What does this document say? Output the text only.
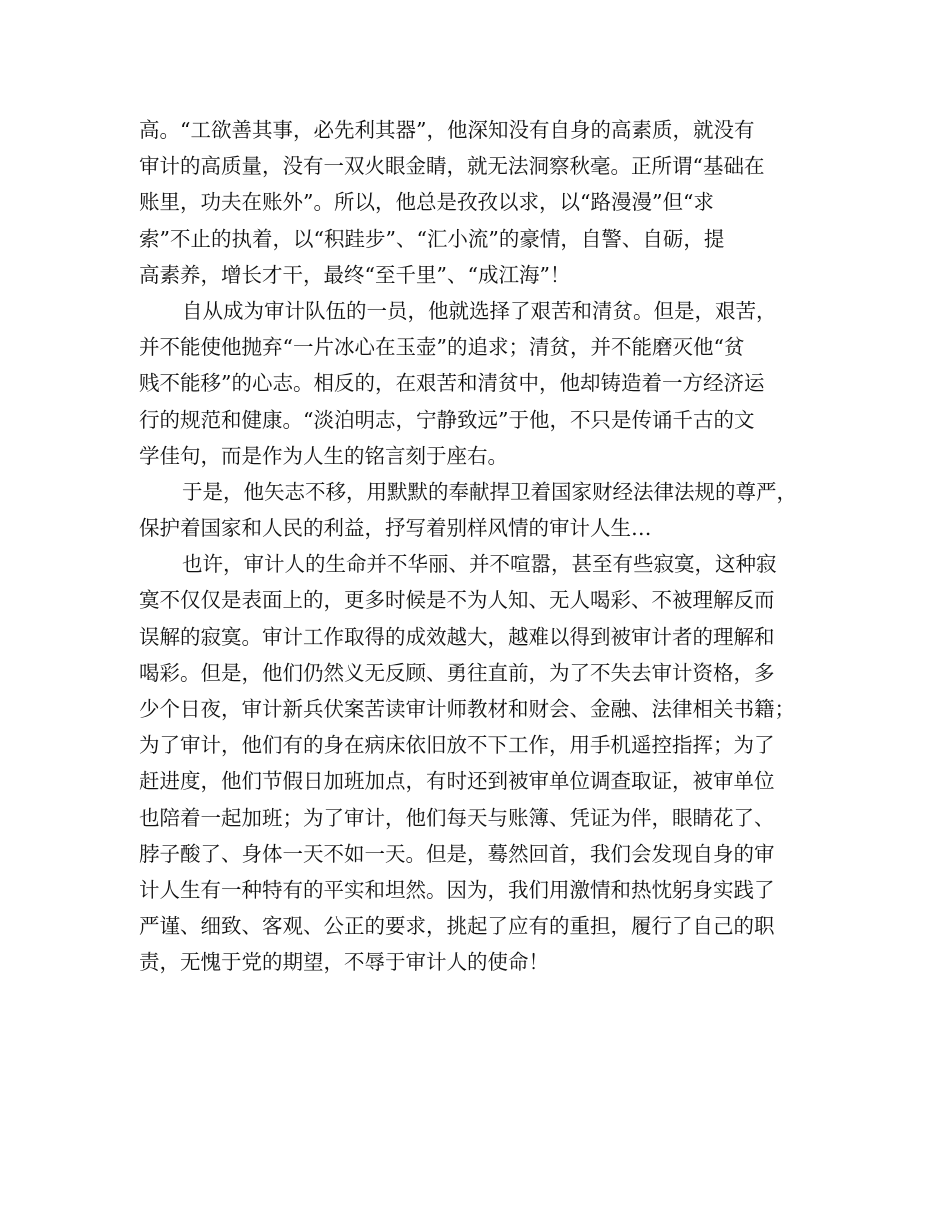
高。“工欲善其事，必先利其器”，他深知没有自身的高素质，就没有
审计的高质量，没有一双火眼金睛，就无法洞察秋毫。正所谓“基础在
账里，功夫在账外”。所以，他总是孜孜以求，以“路漫漫”但“求
索”不止的执着，以“积跬步”、“汇小流”的豪情，自警、自砺，提
高素养，增长才干，最终“至千里”、“成江海”！
自从成为审计队伍的一员，他就选择了艰苦和清贫。但是，艰苦，
并不能使他抛弃“一片冰心在玉壶”的追求；清贫，并不能磨灭他“贫
贱不能移”的心志。相反的，在艰苦和清贫中，他却铸造着一方经济运
行的规范和健康。“淡泊明志，宁静致远”于他，不只是传诵千古的文
学佳句，而是作为人生的铭言刻于座右。
于是，他矢志不移，用默默的奉献捍卫着国家财经法律法规的尊严，
保护着国家和人民的利益，抒写着别样风情的审计人生…
也许，审计人的生命并不华丽、并不喧嚣，甚至有些寂寞，这种寂
寞不仅仅是表面上的，更多时候是不为人知、无人喝彩、不被理解反而
误解的寂寞。审计工作取得的成效越大，越难以得到被审计者的理解和
喝彩。但是，他们仍然义无反顾、勇往直前，为了不失去审计资格，多
少个日夜，审计新兵伏案苦读审计师教材和财会、金融、法律相关书籍；
为了审计，他们有的身在病床依旧放不下工作，用手机遥控指挥；为了
赶进度，他们节假日加班加点，有时还到被审单位调查取证，被审单位
也陪着一起加班；为了审计，他们每天与账簿、凭证为伴，眼睛花了、
脖子酸了、身体一天不如一天。但是，蓦然回首，我们会发现自身的审
计人生有一种特有的平实和坦然。因为，我们用激情和热忱躬身实践了
严谨、细致、客观、公正的要求，挑起了应有的重担，履行了自己的职
责，无愧于党的期望，不辱于审计人的使命！
